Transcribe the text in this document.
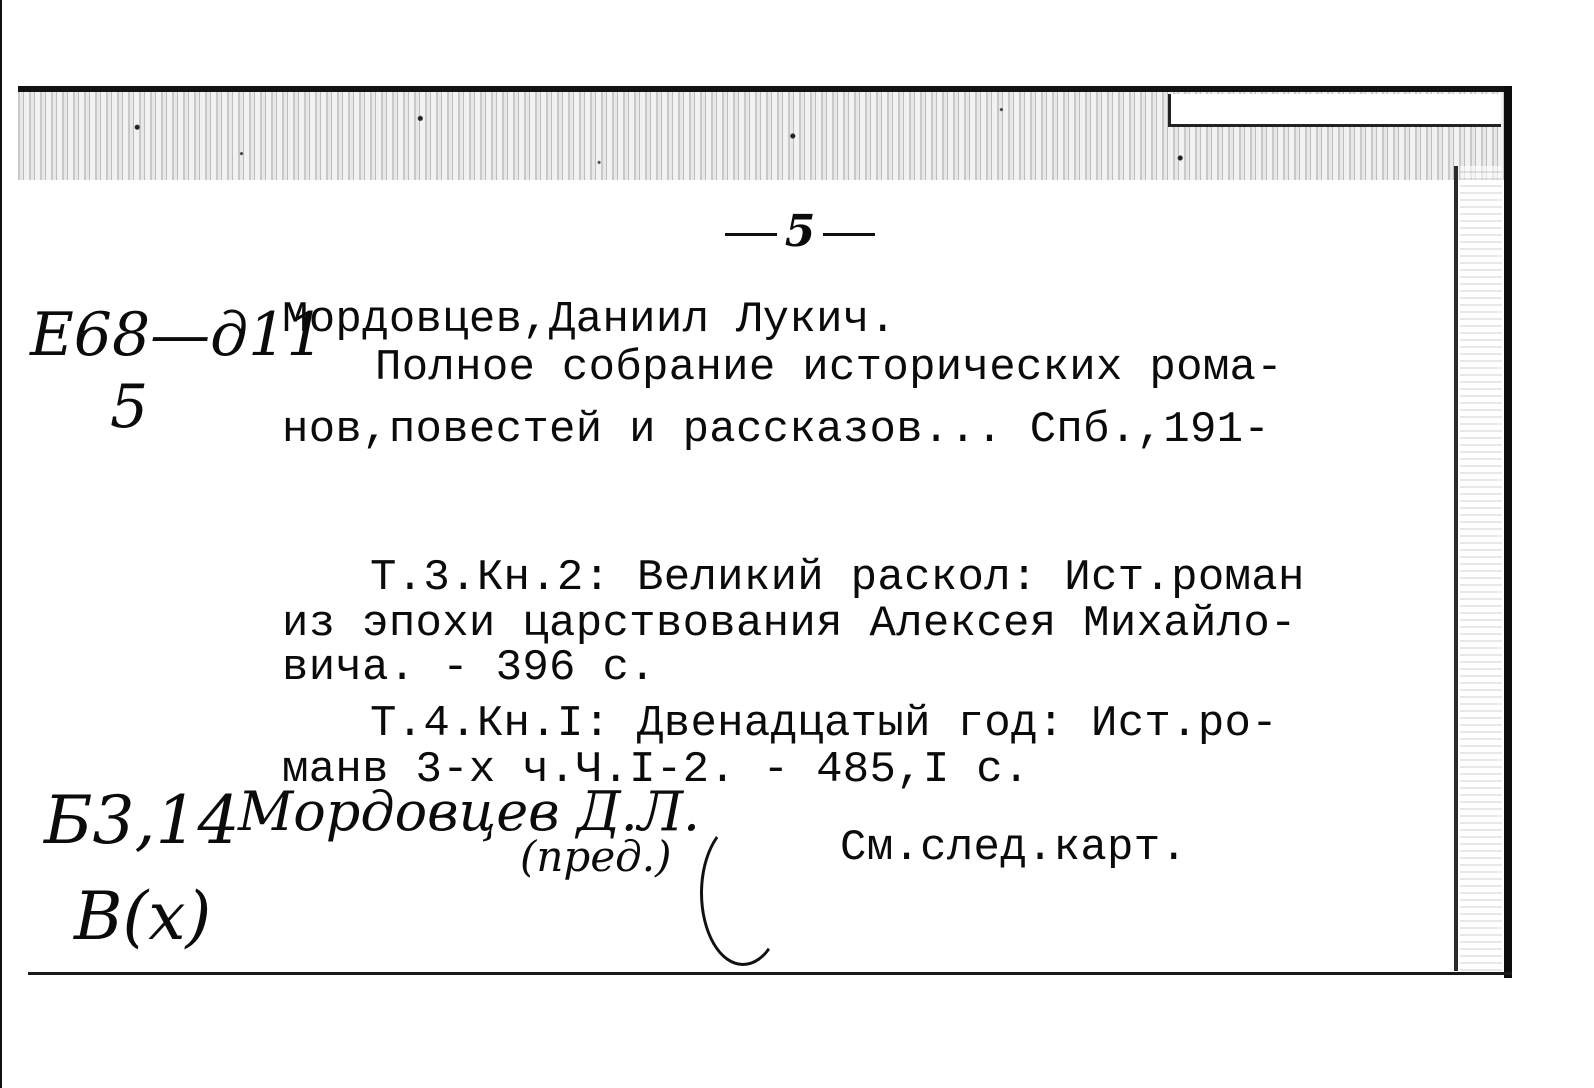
5
E68—д11
5
Мордовцев,Даниил Лукич.
Полное собрание исторических рома-
нов,повестей и рассказов... Спб.,191-
Т.3.Кн.2: Великий раскол: Ист.роман
из эпохи царствования Алексея Михайло-
вича. - 396 с.
Т.4.Кн.I: Двенадцатый год: Ист.ро-
манв 3-х ч.Ч.I-2. - 485,I с.
См.след.карт.
Б3,14
Мордовцев Д.Л.
(пред.)
В(х)
